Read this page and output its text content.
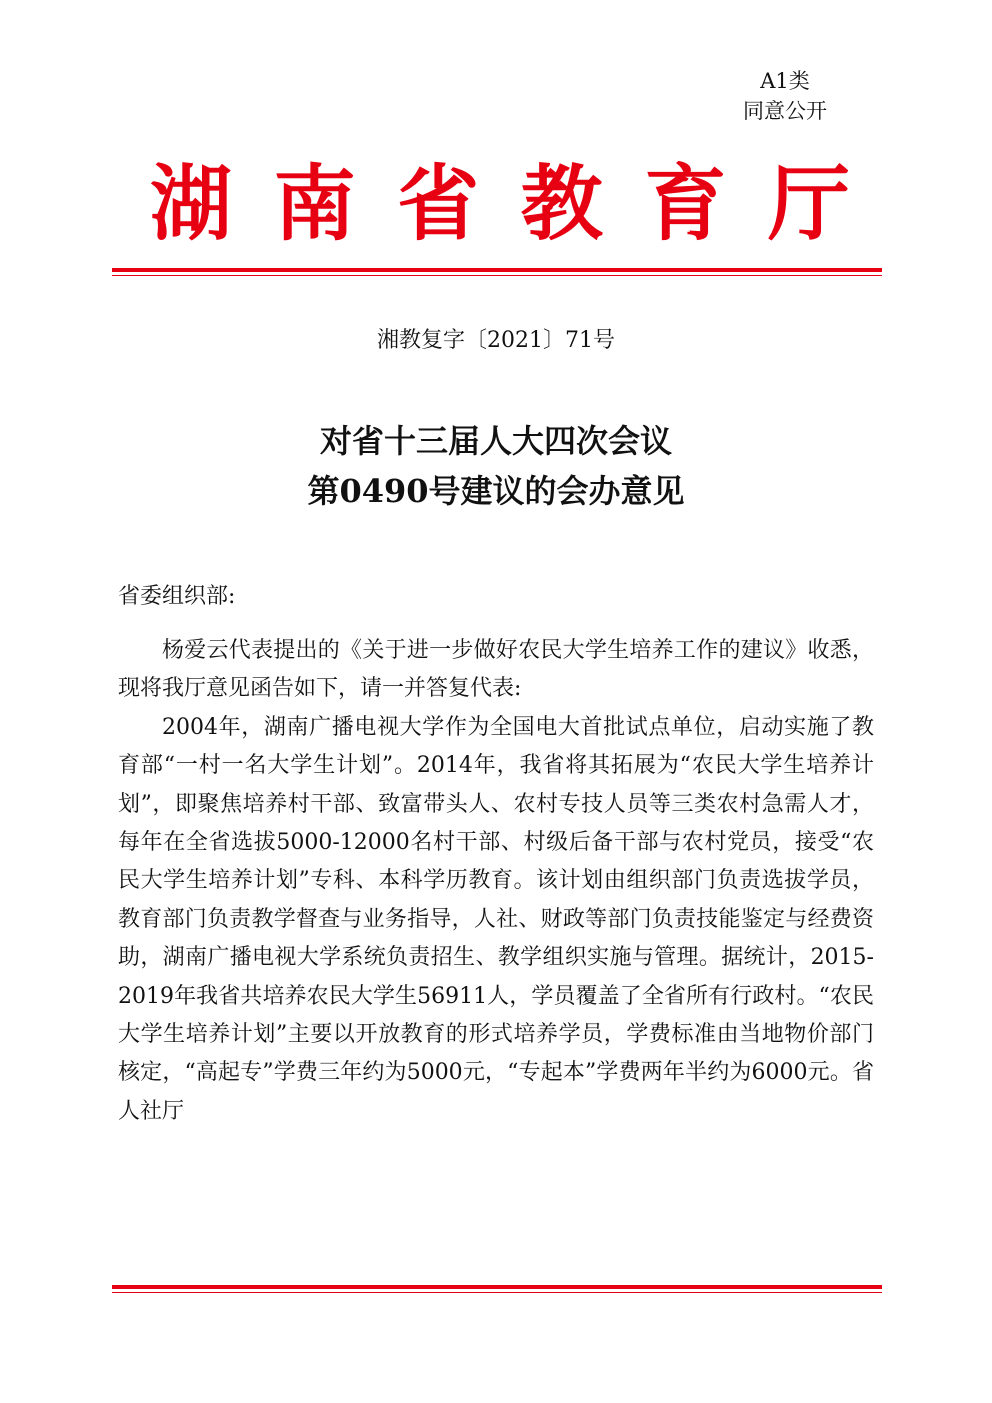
A1类
同意公开
湖 南 省 教 育 厅
湘教复字〔2021〕71号
对省十三届人大四次会议
第0490号建议的会办意见
省委组织部:

杨爱云代表提出的《关于进一步做好农民大学生培养工作的建议》收悉，现将我厅意见函告如下，请一并答复代表:

2004年，湖南广播电视大学作为全国电大首批试点单位，启动实施了教育部“一村一名大学生计划”。2014年，我省将其拓展为“农民大学生培养计划”，即聚焦培养村干部、致富带头人、农村专技人员等三类农村急需人才，每年在全省选拔5000-12000名村干部、村级后备干部与农村党员，接受“农民大学生培养计划”专科、本科学历教育。该计划由组织部门负责选拔学员，教育部门负责教学督查与业务指导，人社、财政等部门负责技能鉴定与经费资助，湖南广播电视大学系统负责招生、教学组织实施与管理。据统计，2015-2019年我省共培养农民大学生56911人，学员覆盖了全省所有行政村。“农民大学生培养计划”主要以开放教育的形式培养学员，学费标准由当地物价部门核定，“高起专”学费三年约为5000元，“专起本”学费两年半约为6000元。省人社厅
